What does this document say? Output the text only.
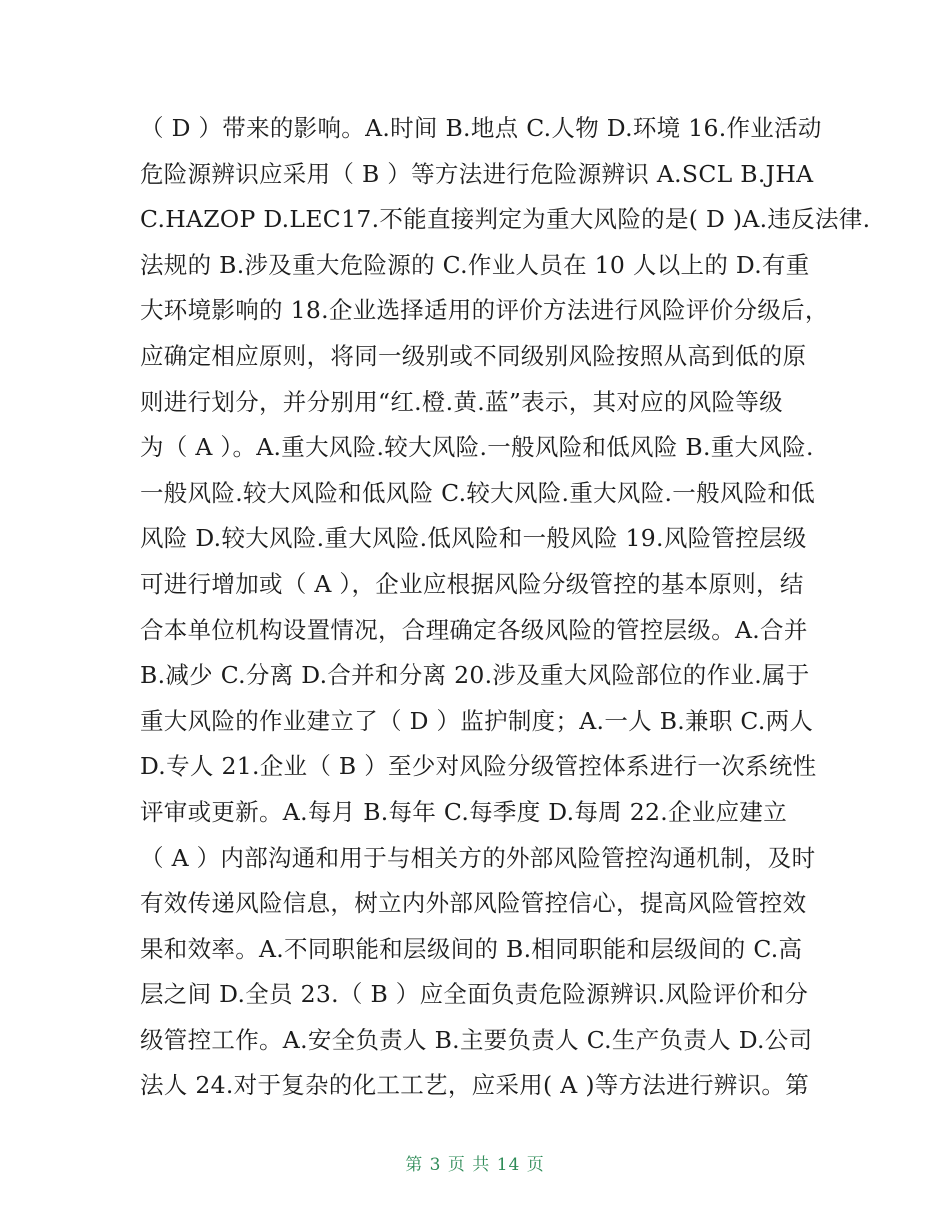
（ D ）带来的影响。A.时间 B.地点 C.人物 D.环境 16.作业活动
危险源辨识应采用（ B ）等方法进行危险源辨识 A.SCL B.JHA
C.HAZOP D.LEC17.不能直接判定为重大风险的是( D )A.违反法律.
法规的 B.涉及重大危险源的 C.作业人员在 10 人以上的 D.有重
大环境影响的 18.企业选择适用的评价方法进行风险评价分级后，
应确定相应原则，将同一级别或不同级别风险按照从高到低的原
则进行划分，并分别用“红.橙.黄.蓝”表示，其对应的风险等级
为（ A ）。A.重大风险.较大风险.一般风险和低风险 B.重大风险.
一般风险.较大风险和低风险 C.较大风险.重大风险.一般风险和低
风险 D.较大风险.重大风险.低风险和一般风险 19.风险管控层级
可进行增加或（ A ），企业应根据风险分级管控的基本原则，结
合本单位机构设置情况，合理确定各级风险的管控层级。A.合并
B.减少 C.分离 D.合并和分离 20.涉及重大风险部位的作业.属于
重大风险的作业建立了（ D ）监护制度；A.一人 B.兼职 C.两人
D.专人 21.企业（ B ）至少对风险分级管控体系进行一次系统性
评审或更新。A.每月 B.每年 C.每季度 D.每周 22.企业应建立
（ A ）内部沟通和用于与相关方的外部风险管控沟通机制，及时
有效传递风险信息，树立内外部风险管控信心，提高风险管控效
果和效率。A.不同职能和层级间的 B.相同职能和层级间的 C.高
层之间 D.全员 23.（ B ）应全面负责危险源辨识.风险评价和分
级管控工作。A.安全负责人 B.主要负责人 C.生产负责人 D.公司
法人 24.对于复杂的化工工艺，应采用( A )等方法进行辨识。第
第 3 页 共 14 页
